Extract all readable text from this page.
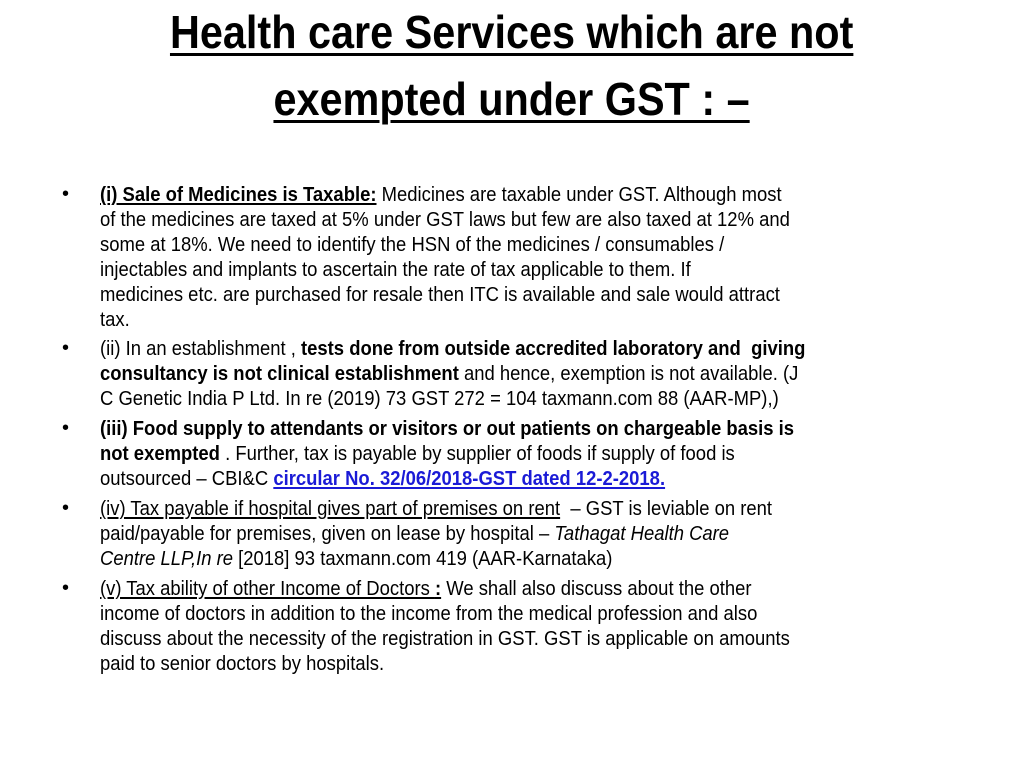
Health care Services which are not
exempted under GST : –
• (i) Sale of Medicines is Taxable: Medicines are taxable under GST. Although most
of the medicines are taxed at 5% under GST laws but few are also taxed at 12% and
some at 18%. We need to identify the HSN of the medicines / consumables /
injectables and implants to ascertain the rate of tax applicable to them. If
medicines etc. are purchased for resale then ITC is available and sale would attract
tax.
• (ii) In an establishment , tests done from outside accredited laboratory and  giving
consultancy is not clinical establishment and hence, exemption is not available. (J
C Genetic India P Ltd. In re (2019) 73 GST 272 = 104 taxmann.com 88 (AAR-MP),)
• (iii) Food supply to attendants or visitors or out patients on chargeable basis is
not exempted . Further, tax is payable by supplier of foods if supply of food is
outsourced – CBI&C circular No. 32/06/2018-GST dated 12-2-2018.
• (iv) Tax payable if hospital gives part of premises on rent  – GST is leviable on rent
paid/payable for premises, given on lease by hospital – Tathagat Health Care
Centre LLP,In re [2018] 93 taxmann.com 419 (AAR-Karnataka)
• (v) Tax ability of other Income of Doctors : We shall also discuss about the other
income of doctors in addition to the income from the medical profession and also
discuss about the necessity of the registration in GST. GST is applicable on amounts
paid to senior doctors by hospitals.
